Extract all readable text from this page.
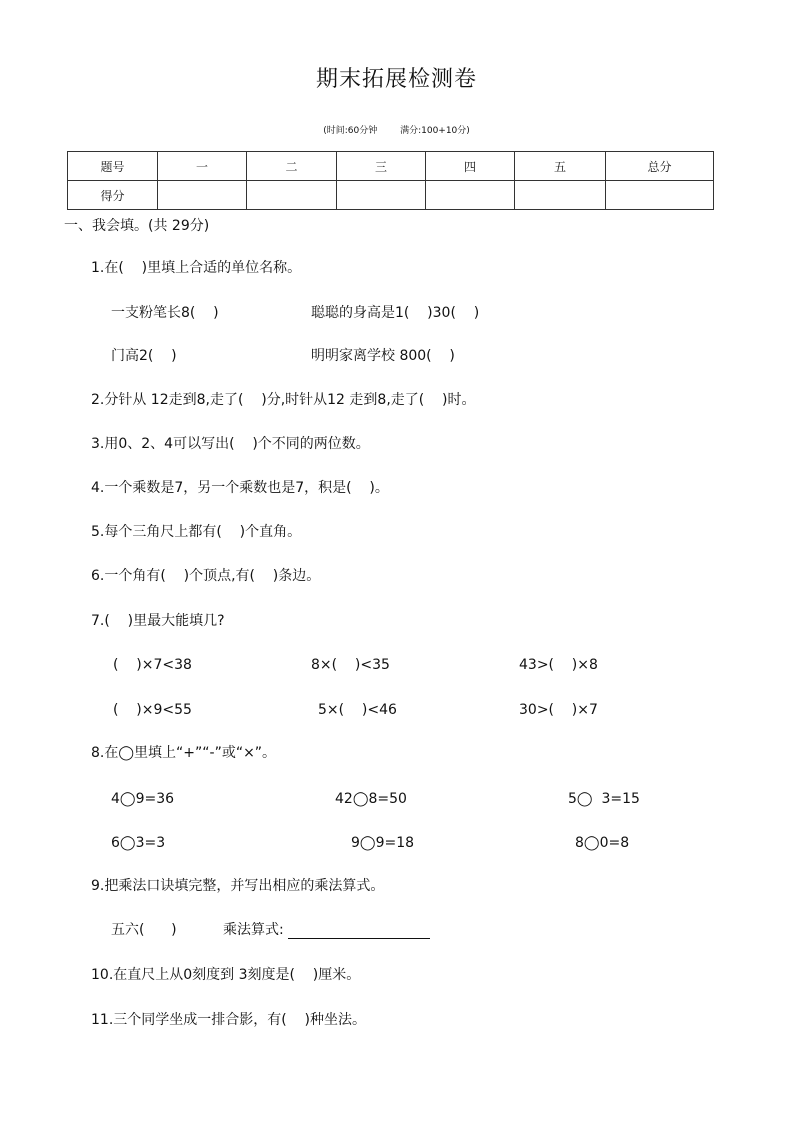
期末拓展检测卷
(时间:60分钟	满分:100+10分)
题号	一	二	三	四	五	总分
得分						
一、我会填。(共 29分)
1.在(    )里填上合适的单位名称。
一支粉笔长8(    )	聪聪的身高是1(    )30(    )
门高2(    )	明明家离学校 800(    )
2.分针从 12走到8,走了(    )分,时针从12 走到8,走了(    )时。
3.用0、2、4可以写出(    )个不同的两位数。
4.一个乘数是7，另一个乘数也是7，积是(    )。
5.每个三角尺上都有(    )个直角。
6.一个角有(    )个顶点,有(    )条边。
7.(    )里最大能填几?
(    )×7<38	8×(    )<35	43>(    )×8
(    )×9<55	5×(    )<46	30>(    )×7
8.在◯里填上“+”“-”或“×”。
4◯9=36	42◯8=50	5◯  3=15
6◯3=3	9◯9=18	8◯0=8
9.把乘法口诀填完整，并写出相应的乘法算式。
五六(      )	乘法算式:
10.在直尺上从0刻度到 3刻度是(    )厘米。
11.三个同学坐成一排合影，有(    )种坐法。
